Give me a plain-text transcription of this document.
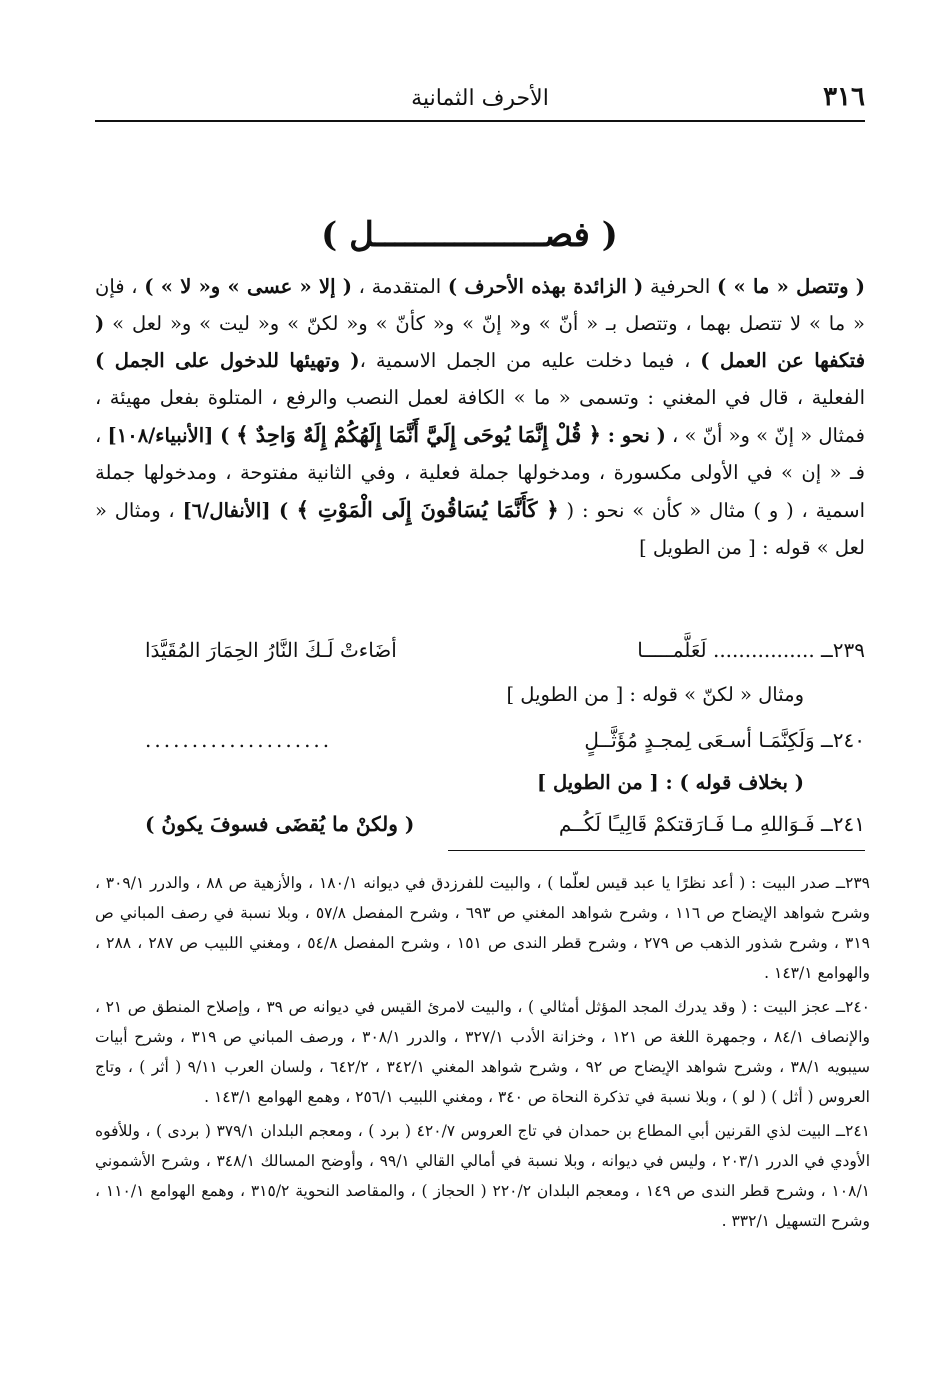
٣١٦
الأحرف الثمانية
( فصـــــــــــــــــل )

( وتتصل « ما » ) الحرفية ( الزائدة بهذه الأحرف ) المتقدمة ، ( إلا « عسى » و« لا » ) ، فإن « ما » لا تتصل بهما ، وتتصل بـ « أنّ » و« إنّ » و« كأنّ » و« لكنّ » و« ليت » و« لعل » ( فتكفها عن العمل ) ، فيما دخلت عليه من الجمل الاسمية ،( وتهيئها للدخول على الجمل ) الفعلية ، قال في المغني : وتسمى « ما » الكافة لعمل النصب والرفع ، المتلوة بفعل مهيئة ، فمثال « إنّ » و« أنّ » ، ( نحو : ﴿ قُلْ إِنَّمَا يُوحَى إِلَيَّ أَنَّمَا إِلَهُكُمْ إِلَهٌ وَاحِدٌ ﴾ ) [الأنبياء/١٠٨] ، فـ « إن » في الأولى مكسورة ، ومدخولها جملة فعلية ، وفي الثانية مفتوحة ، ومدخولها جملة اسمية ، ( و ) مثال « كأن » نحو : ( ﴿ كَأَنَّمَا يُسَاقُونَ إِلَى الْمَوْتِ ﴾ ) [الأنفال/٦] ، ومثال « لعل » قوله : [ من الطويل ]

٢٣٩ــ ................ لَعَلَّمـــــا
أضَاءتْ لَـكَ النَّارُ الحِمَارَ المُقَيَّدَا
ومثال « لكنّ » قوله : [ من الطويل ]
٢٤٠ــ وَلَكِنَّمَـا أسـعَى لِمجـدٍ مُؤَثَّــلٍ
....................
( بخلاف قوله ) : [ من الطويل ]
٢٤١ــ فَـوَاللهِ مـا فَـارَقتكمْ قَالِيـًا لَكُــم
( ولكنْ ما يُقضَى فسوفَ يكونُ )

٢٣٩ــ صدر البيت : ( أعد نظرًا يا عبد قيس لعلّما ) ، والبيت للفرزدق في ديوانه ١٨٠/١ ، والأزهية ص ٨٨ ، والدرر ٣٠٩/١ ، وشرح شواهد الإيضاح ص ١١٦ ، وشرح شواهد المغني ص ٦٩٣ ، وشرح المفصل ٥٧/٨ ، وبلا نسبة في رصف المباني ص ٣١٩ ، وشرح شذور الذهب ص ٢٧٩ ، وشرح قطر الندى ص ١٥١ ، وشرح المفصل ٥٤/٨ ، ومغني اللبيب ص ٢٨٧ ، ٢٨٨ ، والهوامع ١٤٣/١ .

٢٤٠ــ عجز البيت : ( وقد يدرك المجد المؤثل أمثالي ) ، والبيت لامرئ القيس في ديوانه ص ٣٩ ، وإصلاح المنطق ص ٢١ ، والإنصاف ٨٤/١ ، وجمهرة اللغة ص ١٢١ ، وخزانة الأدب ٣٢٧/١ ، والدرر ٣٠٨/١ ، ورصف المباني ص ٣١٩ ، وشرح أبيات سيبويه ٣٨/١ ، وشرح شواهد الإيضاح ص ٩٢ ، وشرح شواهد المغني ٣٤٢/١ ، ٦٤٢/٢ ، ولسان العرب ٩/١١ ( أثر ) ، وتاج العروس ( أثل ) ( لو ) ، وبلا نسبة في تذكرة النحاة ص ٣٤٠ ، ومغني اللبيب ٢٥٦/١ ، وهمع الهوامع ١٤٣/١ .

٢٤١ــ البيت لذي القرنين أبي المطاع بن حمدان في تاج العروس ٤٢٠/٧ ( برد ) ، ومعجم البلدان ٣٧٩/١ ( بردى ) ، وللأفوه الأودي في الدرر ٢٠٣/١ ، وليس في ديوانه ، وبلا نسبة في أمالي القالي ٩٩/١ ، وأوضح المسالك ٣٤٨/١ ، وشرح الأشموني ١٠٨/١ ، وشرح قطر الندى ص ١٤٩ ، ومعجم البلدان ٢٢٠/٢ ( الحجاز ) ، والمقاصد النحوية ٣١٥/٢ ، وهمع الهوامع ١١٠/١ ، وشرح التسهيل ٣٣٢/١ .
